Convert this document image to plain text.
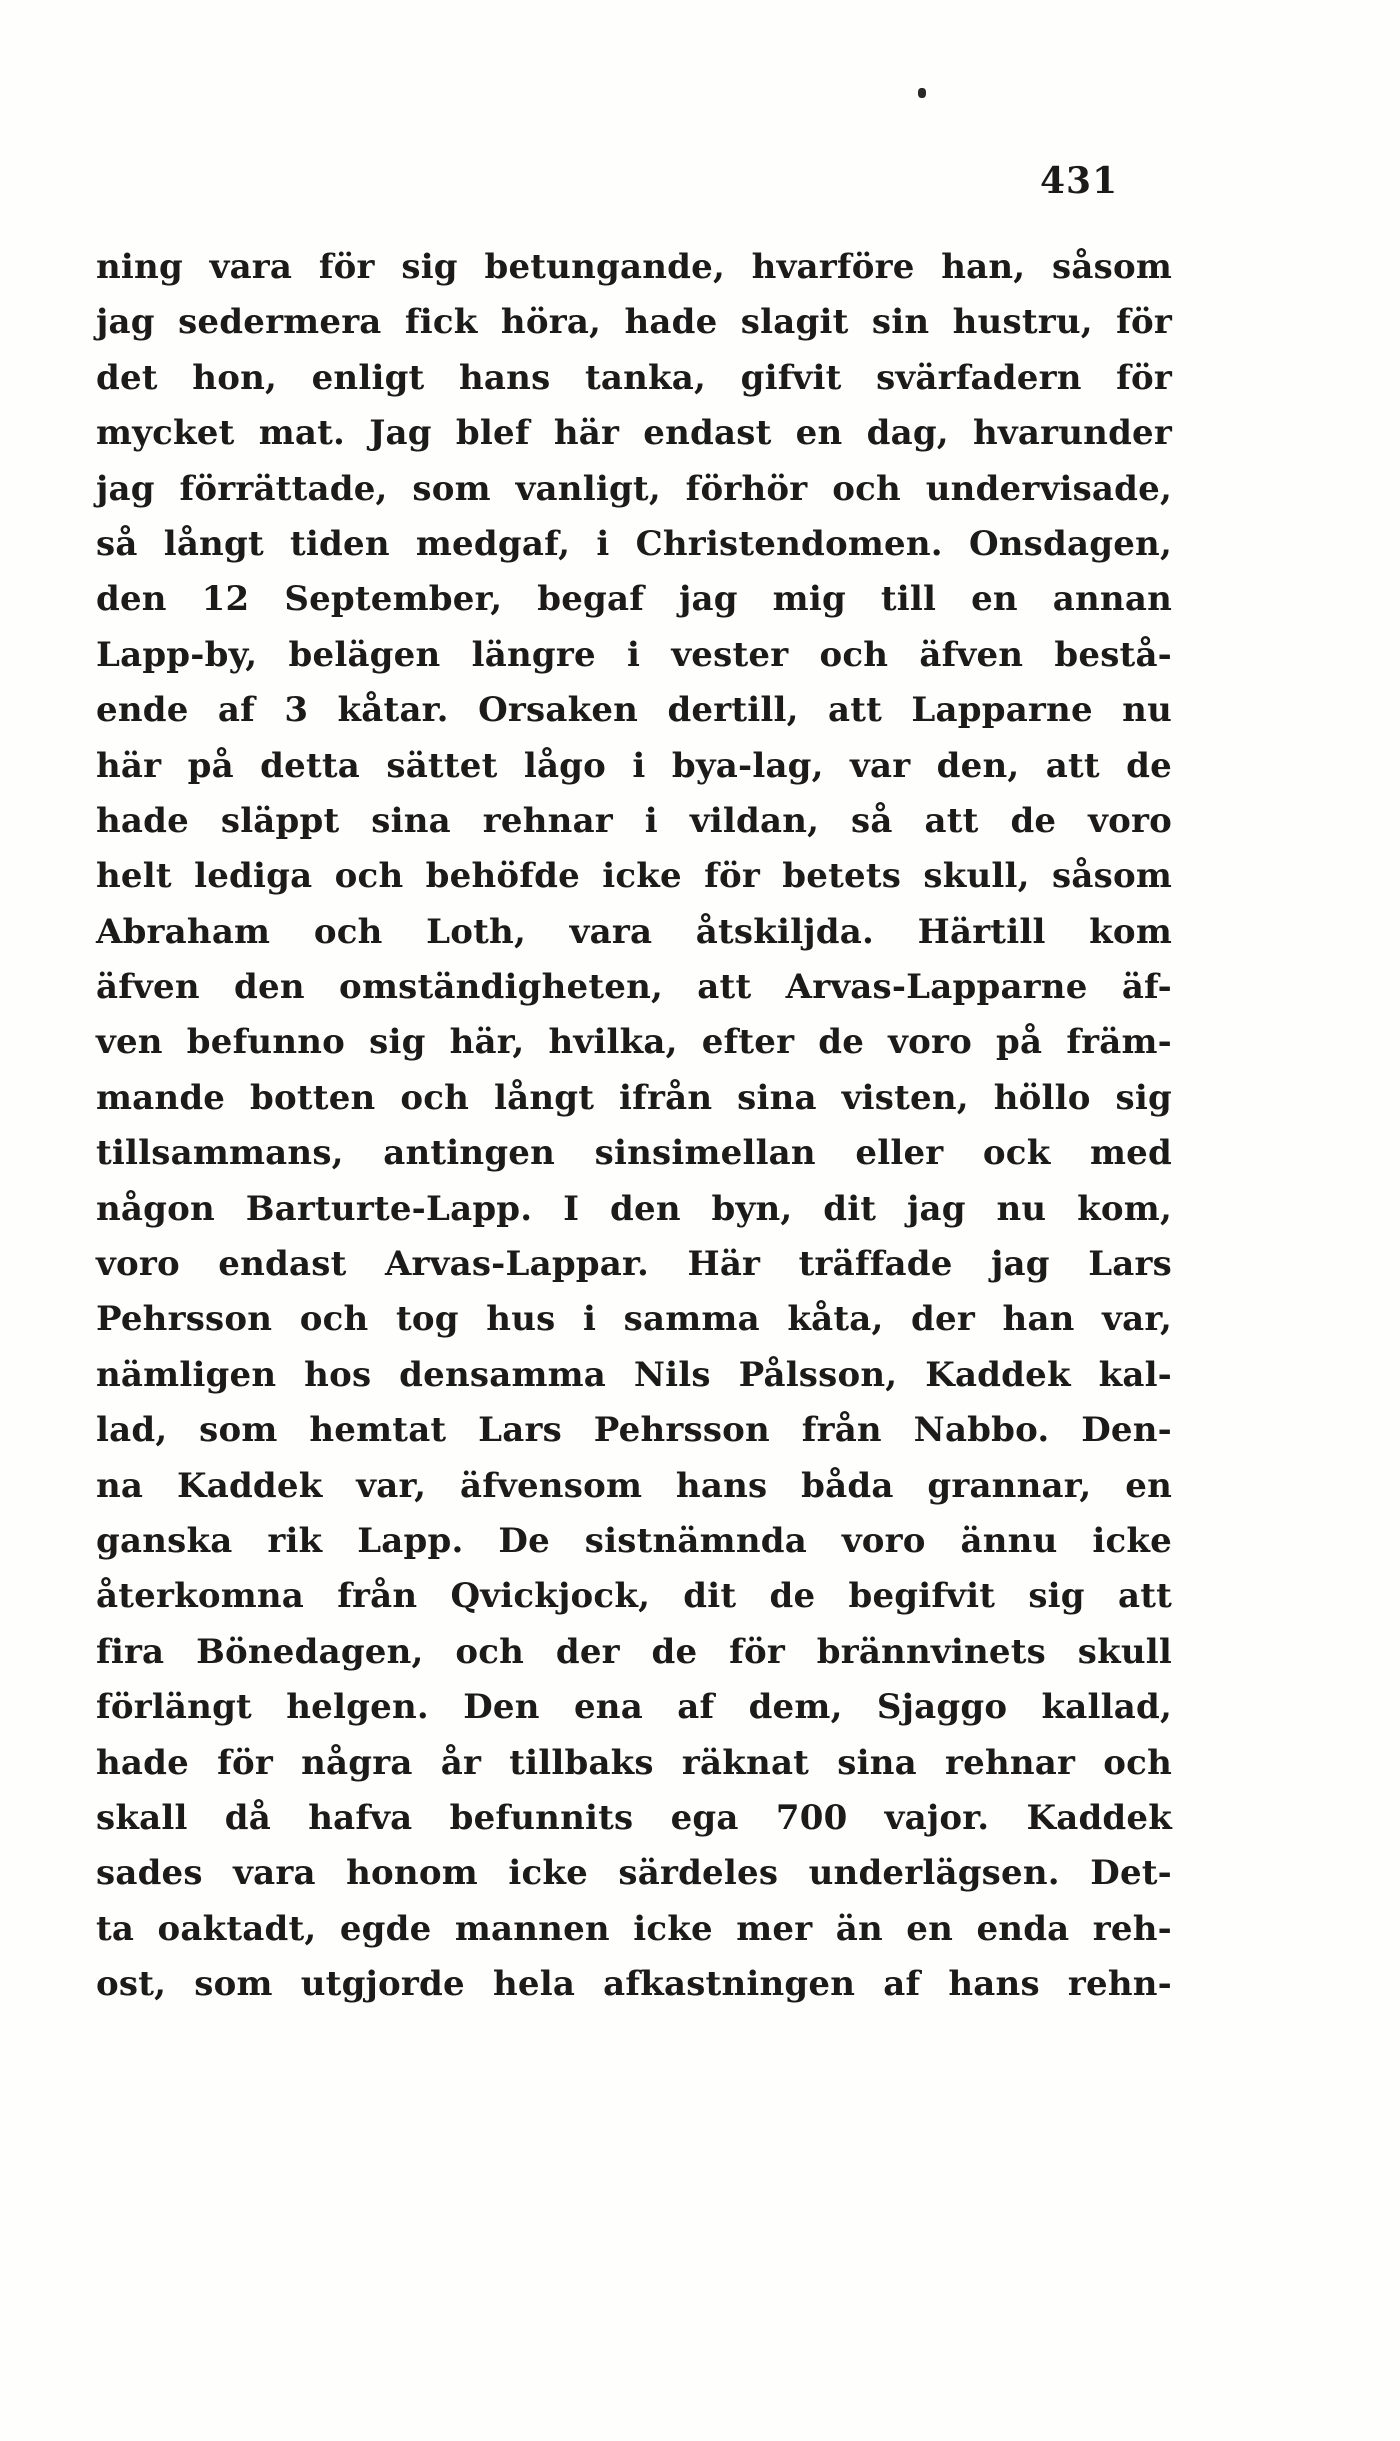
431
ning vara för sig betungande, hvarföre han, såsom
jag sedermera fick höra, hade slagit sin hustru, för
det hon, enligt hans tanka, gifvit svärfadern för
mycket mat. Jag blef här endast en dag, hvarunder
jag förrättade, som vanligt, förhör och undervisade,
så långt tiden medgaf, i Christendomen. Onsdagen,
den 12 September, begaf jag mig till en annan
Lapp-by, belägen längre i vester och äfven bestå-
ende af 3 kåtar. Orsaken dertill, att Lapparne nu
här på detta sättet lågo i bya-lag, var den, att de
hade släppt sina rehnar i vildan, så att de voro
helt lediga och behöfde icke för betets skull, såsom
Abraham och Loth, vara åtskiljda. Härtill kom
äfven den omständigheten, att Arvas-Lapparne äf-
ven befunno sig här, hvilka, efter de voro på främ-
mande botten och långt ifrån sina visten, höllo sig
tillsammans, antingen sinsimellan eller ock med
någon Barturte-Lapp. I den byn, dit jag nu kom,
voro endast Arvas-Lappar. Här träffade jag Lars
Pehrsson och tog hus i samma kåta, der han var,
nämligen hos densamma Nils Pålsson, Kaddek kal-
lad, som hemtat Lars Pehrsson från Nabbo. Den-
na Kaddek var, äfvensom hans båda grannar, en
ganska rik Lapp. De sistnämnda voro ännu icke
återkomna från Qvickjock, dit de begifvit sig att
fira Bönedagen, och der de för brännvinets skull
förlängt helgen. Den ena af dem, Sjaggo kallad,
hade för några år tillbaks räknat sina rehnar och
skall då hafva befunnits ega 700 vajor. Kaddek
sades vara honom icke särdeles underlägsen. Det-
ta oaktadt, egde mannen icke mer än en enda reh-
ost, som utgjorde hela afkastningen af hans rehn-
